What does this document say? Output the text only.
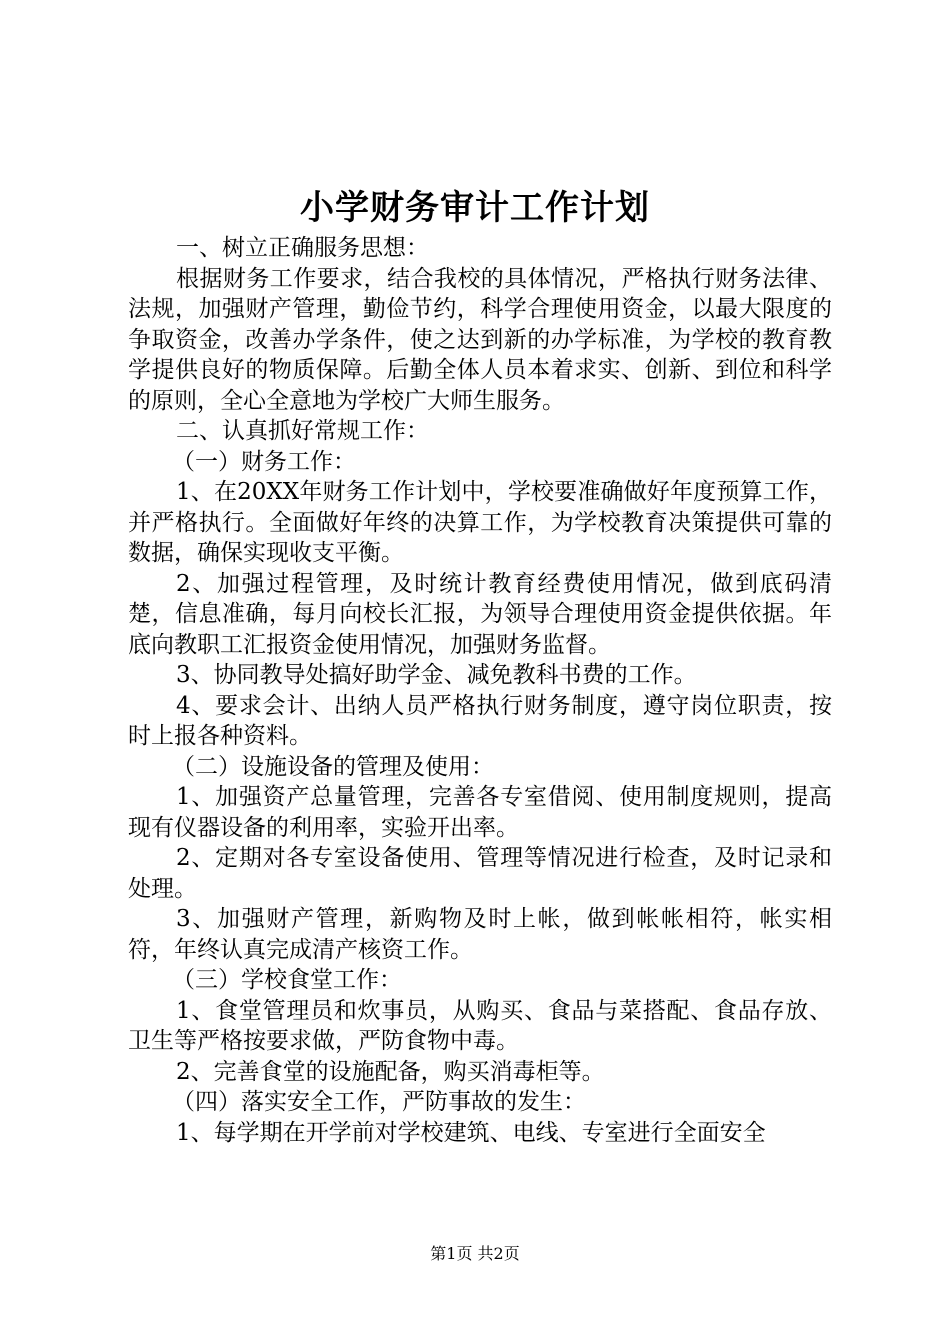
小学财务审计工作计划

一、树立正确服务思想：

根据财务工作要求，结合我校的具体情况，严格执行财务法律、法规，加强财产管理，勤俭节约，科学合理使用资金，以最大限度的争取资金，改善办学条件，使之达到新的办学标准，为学校的教育教学提供良好的物质保障。后勤全体人员本着求实、创新、到位和科学的原则，全心全意地为学校广大师生服务。

二、认真抓好常规工作：

（一）财务工作：

1、在20XX年财务工作计划中，学校要准确做好年度预算工作，并严格执行。全面做好年终的决算工作，为学校教育决策提供可靠的数据，确保实现收支平衡。

2、加强过程管理，及时统计教育经费使用情况，做到底码清楚，信息准确，每月向校长汇报，为领导合理使用资金提供依据。年底向教职工汇报资金使用情况，加强财务监督。

3、协同教导处搞好助学金、减免教科书费的工作。

4、要求会计、出纳人员严格执行财务制度，遵守岗位职责，按时上报各种资料。

（二）设施设备的管理及使用：

1、加强资产总量管理，完善各专室借阅、使用制度规则，提高现有仪器设备的利用率，实验开出率。

2、定期对各专室设备使用、管理等情况进行检查，及时记录和处理。

3、加强财产管理，新购物及时上帐，做到帐帐相符，帐实相符，年终认真完成清产核资工作。

（三）学校食堂工作：

1、食堂管理员和炊事员，从购买、食品与菜搭配、食品存放、卫生等严格按要求做，严防食物中毒。

2、完善食堂的设施配备，购买消毒柜等。

（四）落实安全工作，严防事故的发生：

1、每学期在开学前对学校建筑、电线、专室进行全面安全

第1页 共2页
